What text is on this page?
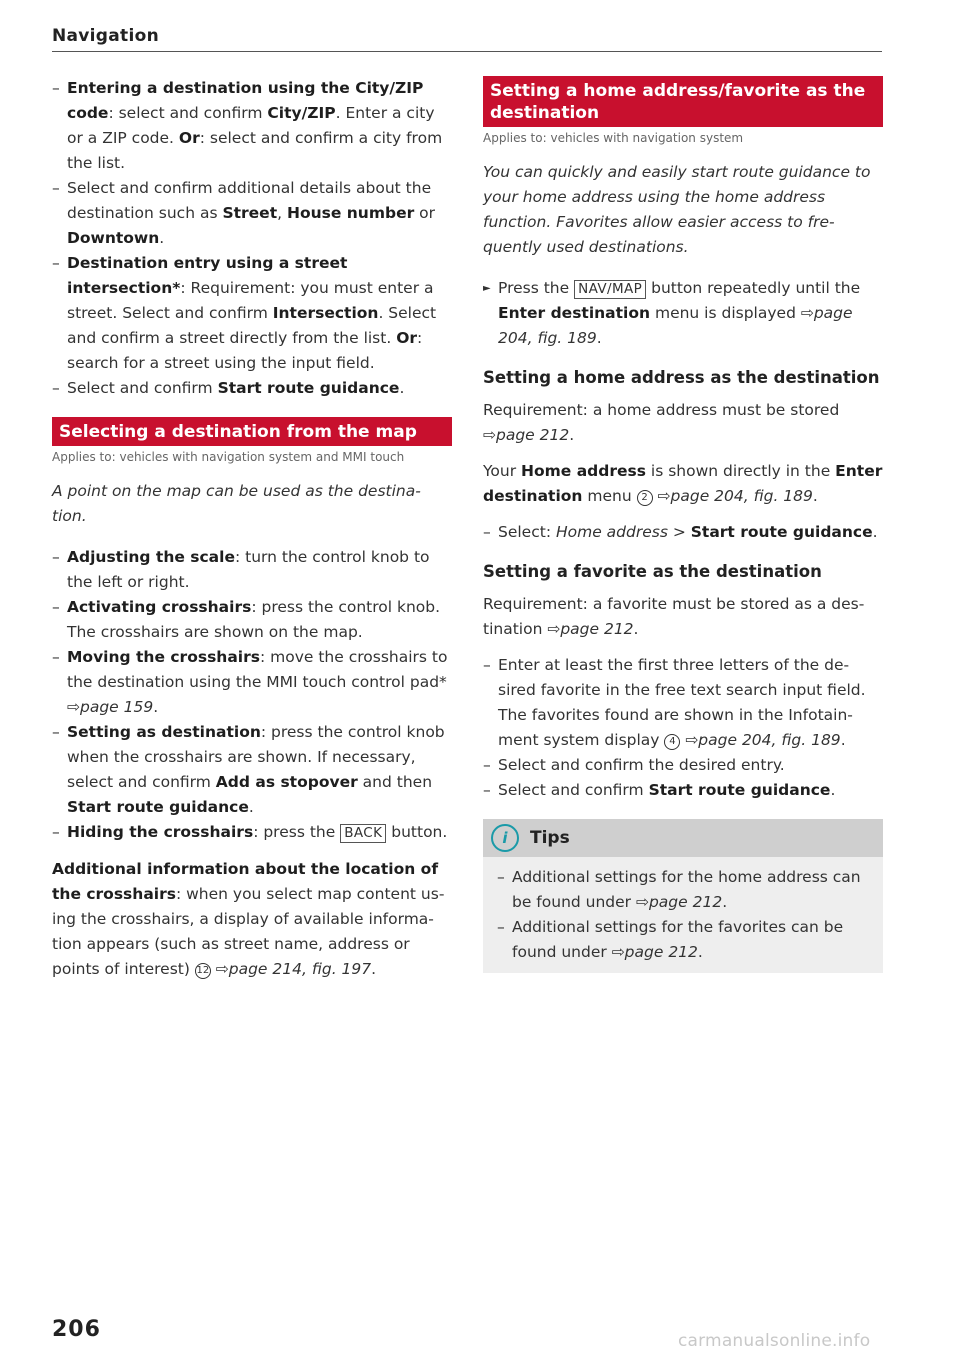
Navigation
– Entering a destination using the City/ZIP code: select and confirm City/ZIP. Enter a city or a ZIP code. Or: select and confirm a city from the list.
– Select and confirm additional details about the destination such as Street, House number or Downtown.
– Destination entry using a street intersection*: Requirement: you must enter a street. Select and confirm Intersection. Select and confirm a street directly from the list. Or: search for a street using the input field.
– Select and confirm Start route guidance.
Selecting a destination from the map
Applies to: vehicles with navigation system and MMI touch

A point on the map can be used as the destina-tion.

– Adjusting the scale: turn the control knob to the left or right.
– Activating crosshairs: press the control knob. The crosshairs are shown on the map.
– Moving the crosshairs: move the crosshairs to the destination using the MMI touch control pad* ⇨page 159.
– Setting as destination: press the control knob when the crosshairs are shown. If necessary, select and confirm Add as stopover and then Start route guidance.
– Hiding the crosshairs: press the BACK button.

Additional information about the location of the crosshairs: when you select map content us-ing the crosshairs, a display of available informa-tion appears (such as street name, address or points of interest) 12 ⇨page 214, fig. 197.

Setting a home address/favorite as the destination
Applies to: vehicles with navigation system

You can quickly and easily start route guidance to your home address using the home address function. Favorites allow easier access to fre-quently used destinations.

► Press the NAV/MAP button repeatedly until the Enter destination menu is displayed ⇨page 204, fig. 189.
Setting a home address as the destination

Requirement: a home address must be stored ⇨page 212.

Your Home address is shown directly in the Enter destination menu 2 ⇨page 204, fig. 189.

– Select: Home address > Start route guidance.
Setting a favorite as the destination

Requirement: a favorite must be stored as a des-tination ⇨page 212.

– Enter at least the first three letters of the de-sired favorite in the free text search input field. The favorites found are shown in the Infotain-ment system display 4 ⇨page 204, fig. 189.
– Select and confirm the desired entry.
– Select and confirm Start route guidance.
i	Tips
– Additional settings for the home address can be found under ⇨page 212.
– Additional settings for the favorites can be found under ⇨page 212.
206	carmanualsonline.info
